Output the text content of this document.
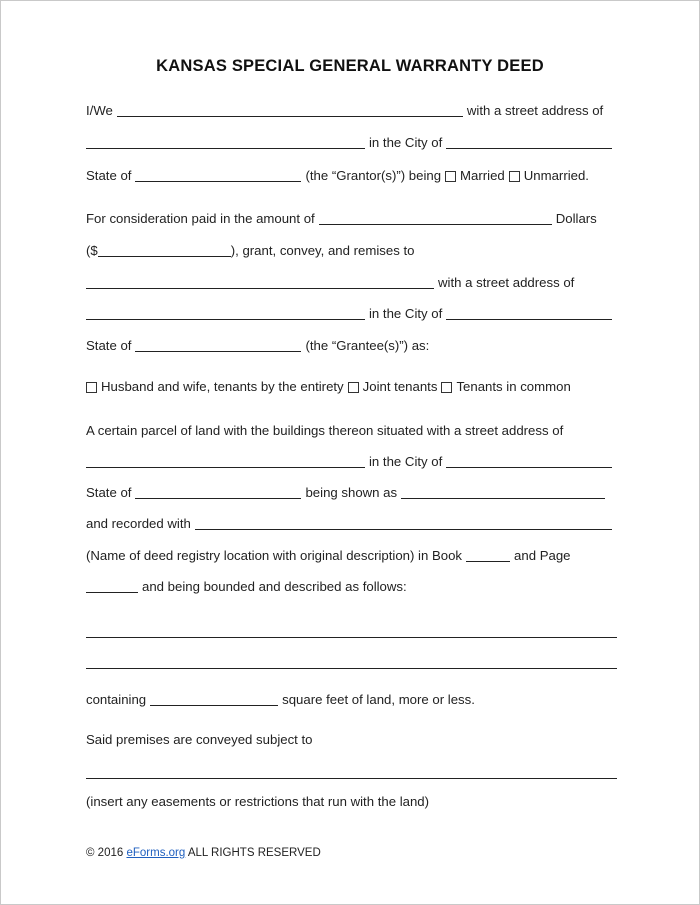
KANSAS SPECIAL GENERAL WARRANTY DEED
I/We	with a street address of
in the City of
State of	(the “Grantor(s)”) being Married Unmarried.
For consideration paid in the amount of	Dollars
($	), grant, convey, and remises to
with a street address of
in the City of
State of	(the “Grantee(s)”) as:
Husband and wife, tenants by the entirety Joint tenants Tenants in common
A certain parcel of land with the buildings thereon situated with a street address of
in the City of
State of	being shown as
and recorded with
(Name of deed registry location with original description) in Book	and Page
and being bounded and described as follows:
containing	square feet of land, more or less.
Said premises are conveyed subject to
(insert any easements or restrictions that run with the land)
© 2016 eForms.org ALL RIGHTS RESERVED
